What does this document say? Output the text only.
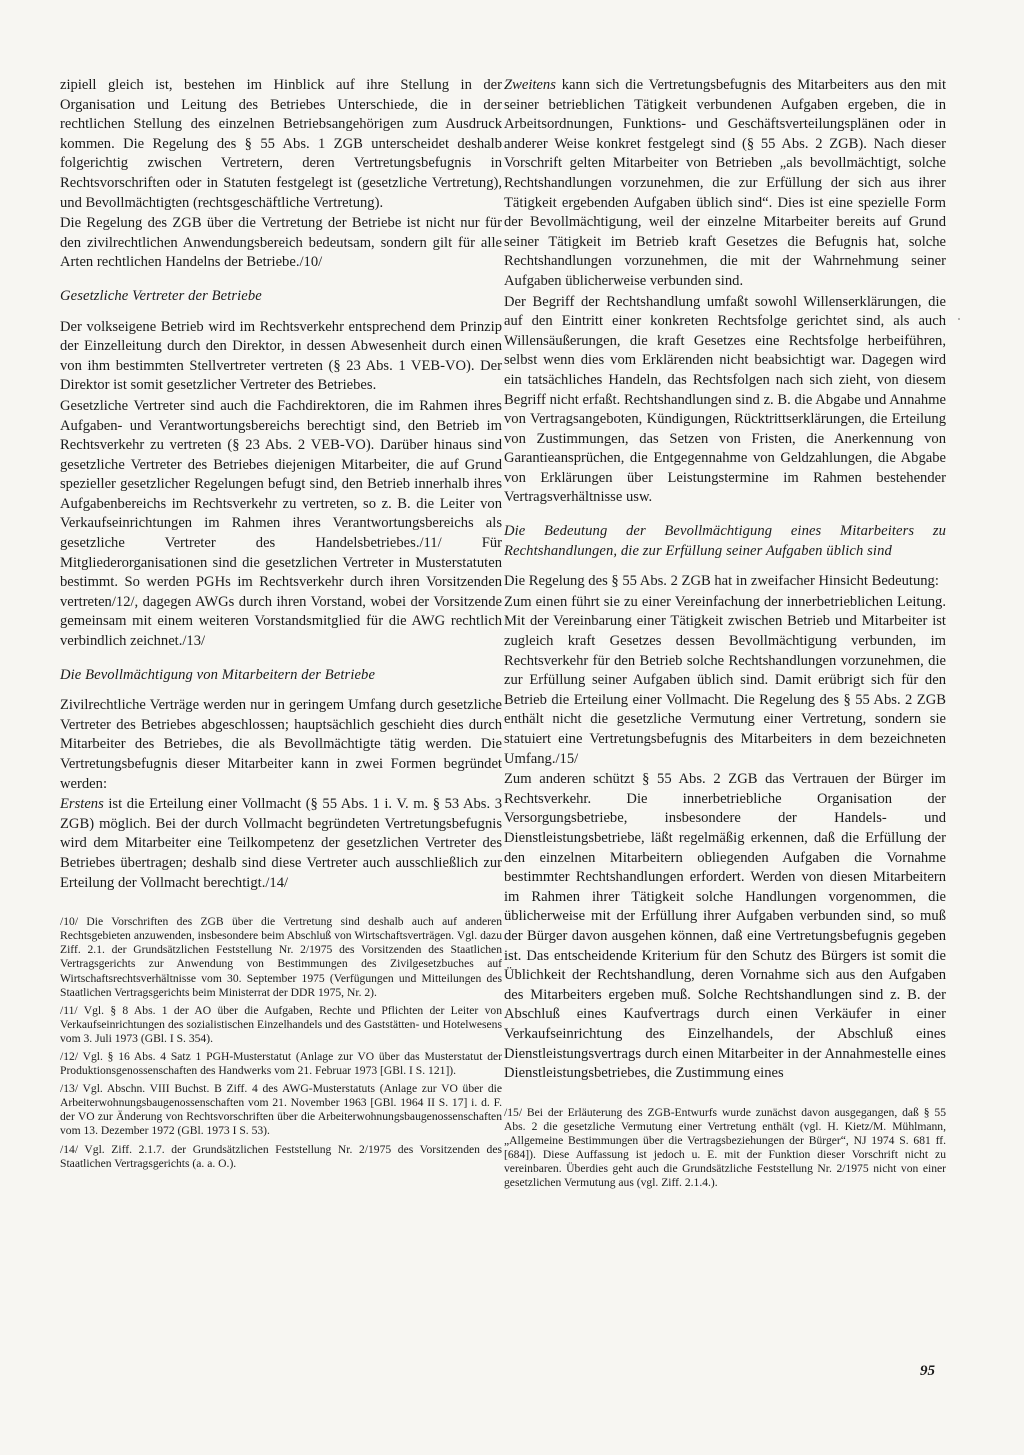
zipiell gleich ist, bestehen im Hinblick auf ihre Stellung in der Organisation und Leitung des Betriebes Unterschiede, die in der rechtlichen Stellung des einzelnen Betriebsangehörigen zum Ausdruck kommen. Die Regelung des § 55 Abs. 1 ZGB unterscheidet deshalb folgerichtig zwischen Vertretern, deren Vertretungsbefugnis in Rechtsvorschriften oder in Statuten festgelegt ist (gesetzliche Vertretung), und Bevollmächtigten (rechtsgeschäftliche Vertretung).

Die Regelung des ZGB über die Vertretung der Betriebe ist nicht nur für den zivilrechtlichen Anwendungsbereich bedeutsam, sondern gilt für alle Arten rechtlichen Handelns der Betriebe./10/

Gesetzliche Vertreter der Betriebe

Der volkseigene Betrieb wird im Rechtsverkehr entsprechend dem Prinzip der Einzelleitung durch den Direktor, in dessen Abwesenheit durch einen von ihm bestimmten Stellvertreter vertreten (§ 23 Abs. 1 VEB-VO). Der Direktor ist somit gesetzlicher Vertreter des Betriebes.

Gesetzliche Vertreter sind auch die Fachdirektoren, die im Rahmen ihres Aufgaben- und Verantwortungsbereichs berechtigt sind, den Betrieb im Rechtsverkehr zu vertreten (§ 23 Abs. 2 VEB-VO). Darüber hinaus sind gesetzliche Vertreter des Betriebes diejenigen Mitarbeiter, die auf Grund spezieller gesetzlicher Regelungen befugt sind, den Betrieb innerhalb ihres Aufgabenbereichs im Rechtsverkehr zu vertreten, so z. B. die Leiter von Verkaufseinrichtungen im Rahmen ihres Verantwortungsbereichs als gesetzliche Vertreter des Handelsbetriebes./11/ Für Mitgliederorganisationen sind die gesetzlichen Vertreter in Musterstatuten bestimmt. So werden PGHs im Rechtsverkehr durch ihren Vorsitzenden vertreten/12/, dagegen AWGs durch ihren Vorstand, wobei der Vorsitzende gemeinsam mit einem weiteren Vorstandsmitglied für die AWG rechtlich verbindlich zeichnet./13/

Die Bevollmächtigung von Mitarbeitern der Betriebe

Zivilrechtliche Verträge werden nur in geringem Umfang durch gesetzliche Vertreter des Betriebes abgeschlossen; hauptsächlich geschieht dies durch Mitarbeiter des Betriebes, die als Bevollmächtigte tätig werden. Die Vertretungsbefugnis dieser Mitarbeiter kann in zwei Formen begründet werden:

Erstens ist die Erteilung einer Vollmacht (§ 55 Abs. 1 i. V. m. § 53 Abs. 3 ZGB) möglich. Bei der durch Vollmacht begründeten Vertretungsbefugnis wird dem Mitarbeiter eine Teilkompetenz der gesetzlichen Vertreter des Betriebes übertragen; deshalb sind diese Vertreter auch ausschließlich zur Erteilung der Vollmacht berechtigt./14/

/10/ Die Vorschriften des ZGB über die Vertretung sind deshalb auch auf anderen Rechtsgebieten anzuwenden, insbesondere beim Abschluß von Wirtschaftsverträgen. Vgl. dazu Ziff. 2.1. der Grundsätzlichen Feststellung Nr. 2/1975 des Vorsitzenden des Staatlichen Vertragsgerichts zur Anwendung von Bestimmungen des Zivilgesetzbuches auf Wirtschaftsrechtsverhältnisse vom 30. September 1975 (Verfügungen und Mitteilungen des Staatlichen Vertragsgerichts beim Ministerrat der DDR 1975, Nr. 2).

/11/ Vgl. § 8 Abs. 1 der AO über die Aufgaben, Rechte und Pflichten der Leiter von Verkaufseinrichtungen des sozialistischen Einzelhandels und des Gaststätten- und Hotelwesens vom 3. Juli 1973 (GBl. I S. 354).

/12/ Vgl. § 16 Abs. 4 Satz 1 PGH-Musterstatut (Anlage zur VO über das Musterstatut der Produktionsgenossenschaften des Handwerks vom 21. Februar 1973 [GBl. I S. 121]).

/13/ Vgl. Abschn. VIII Buchst. B Ziff. 4 des AWG-Musterstatuts (Anlage zur VO über die Arbeiterwohnungsbaugenossenschaften vom 21. November 1963 [GBl. 1964 II S. 17] i. d. F. der VO zur Änderung von Rechtsvorschriften über die Arbeiterwohnungsbaugenossenschaften vom 13. Dezember 1972 (GBl. 1973 I S. 53).

/14/ Vgl. Ziff. 2.1.7. der Grundsätzlichen Feststellung Nr. 2/1975 des Vorsitzenden des Staatlichen Vertragsgerichts (a. a. O.).

Zweitens kann sich die Vertretungsbefugnis des Mitarbeiters aus den mit seiner betrieblichen Tätigkeit verbundenen Aufgaben ergeben, die in Arbeitsordnungen, Funktions- und Geschäftsverteilungsplänen oder in anderer Weise konkret festgelegt sind (§ 55 Abs. 2 ZGB). Nach dieser Vorschrift gelten Mitarbeiter von Betrieben „als bevollmächtigt, solche Rechtshandlungen vorzunehmen, die zur Erfüllung der sich aus ihrer Tätigkeit ergebenden Aufgaben üblich sind“. Dies ist eine spezielle Form der Bevollmächtigung, weil der einzelne Mitarbeiter bereits auf Grund seiner Tätigkeit im Betrieb kraft Gesetzes die Befugnis hat, solche Rechtshandlungen vorzunehmen, die mit der Wahrnehmung seiner Aufgaben üblicherweise verbunden sind.

Der Begriff der Rechtshandlung umfaßt sowohl Willenserklärungen, die auf den Eintritt einer konkreten Rechtsfolge gerichtet sind, als auch Willensäußerungen, die kraft Gesetzes eine Rechtsfolge herbeiführen, selbst wenn dies vom Erklärenden nicht beabsichtigt war. Dagegen wird ein tatsächliches Handeln, das Rechtsfolgen nach sich zieht, von diesem Begriff nicht erfaßt. Rechtshandlungen sind z. B. die Abgabe und Annahme von Vertragsangeboten, Kündigungen, Rücktrittserklärungen, die Erteilung von Zustimmungen, das Setzen von Fristen, die Anerkennung von Garantieansprüchen, die Entgegennahme von Geldzahlungen, die Abgabe von Erklärungen über Leistungstermine im Rahmen bestehender Vertragsverhältnisse usw.

Die Bedeutung der Bevollmächtigung eines Mitarbeiters zu Rechtshandlungen, die zur Erfüllung seiner Aufgaben üblich sind

Die Regelung des § 55 Abs. 2 ZGB hat in zweifacher Hinsicht Bedeutung:

Zum einen führt sie zu einer Vereinfachung der innerbetrieblichen Leitung. Mit der Vereinbarung einer Tätigkeit zwischen Betrieb und Mitarbeiter ist zugleich kraft Gesetzes dessen Bevollmächtigung verbunden, im Rechtsverkehr für den Betrieb solche Rechtshandlungen vorzunehmen, die zur Erfüllung seiner Aufgaben üblich sind. Damit erübrigt sich für den Betrieb die Erteilung einer Vollmacht. Die Regelung des § 55 Abs. 2 ZGB enthält nicht die gesetzliche Vermutung einer Vertretung, sondern sie statuiert eine Vertretungsbefugnis des Mitarbeiters in dem bezeichneten Umfang./15/

Zum anderen schützt § 55 Abs. 2 ZGB das Vertrauen der Bürger im Rechtsverkehr. Die innerbetriebliche Organisation der Versorgungsbetriebe, insbesondere der Handels- und Dienstleistungsbetriebe, läßt regelmäßig erkennen, daß die Erfüllung der den einzelnen Mitarbeitern obliegenden Aufgaben die Vornahme bestimmter Rechtshandlungen erfordert. Werden von diesen Mitarbeitern im Rahmen ihrer Tätigkeit solche Handlungen vorgenommen, die üblicherweise mit der Erfüllung ihrer Aufgaben verbunden sind, so muß der Bürger davon ausgehen können, daß eine Vertretungsbefugnis gegeben ist. Das entscheidende Kriterium für den Schutz des Bürgers ist somit die Üblichkeit der Rechtshandlung, deren Vornahme sich aus den Aufgaben des Mitarbeiters ergeben muß. Solche Rechtshandlungen sind z. B. der Abschluß eines Kaufvertrags durch einen Verkäufer in einer Verkaufseinrichtung des Einzelhandels, der Abschluß eines Dienstleistungsvertrags durch einen Mitarbeiter in der Annahmestelle eines Dienstleistungsbetriebes, die Zustimmung eines

/15/ Bei der Erläuterung des ZGB-Entwurfs wurde zunächst davon ausgegangen, daß § 55 Abs. 2 die gesetzliche Vermutung einer Vertretung enthält (vgl. H. Kietz/M. Mühlmann, „Allgemeine Bestimmungen über die Vertragsbeziehungen der Bürger“, NJ 1974 S. 681 ff. [684]). Diese Auffassung ist jedoch u. E. mit der Funktion dieser Vorschrift nicht zu vereinbaren. Überdies geht auch die Grundsätzliche Feststellung Nr. 2/1975 nicht von einer gesetzlichen Vermutung aus (vgl. Ziff. 2.1.4.).

95
